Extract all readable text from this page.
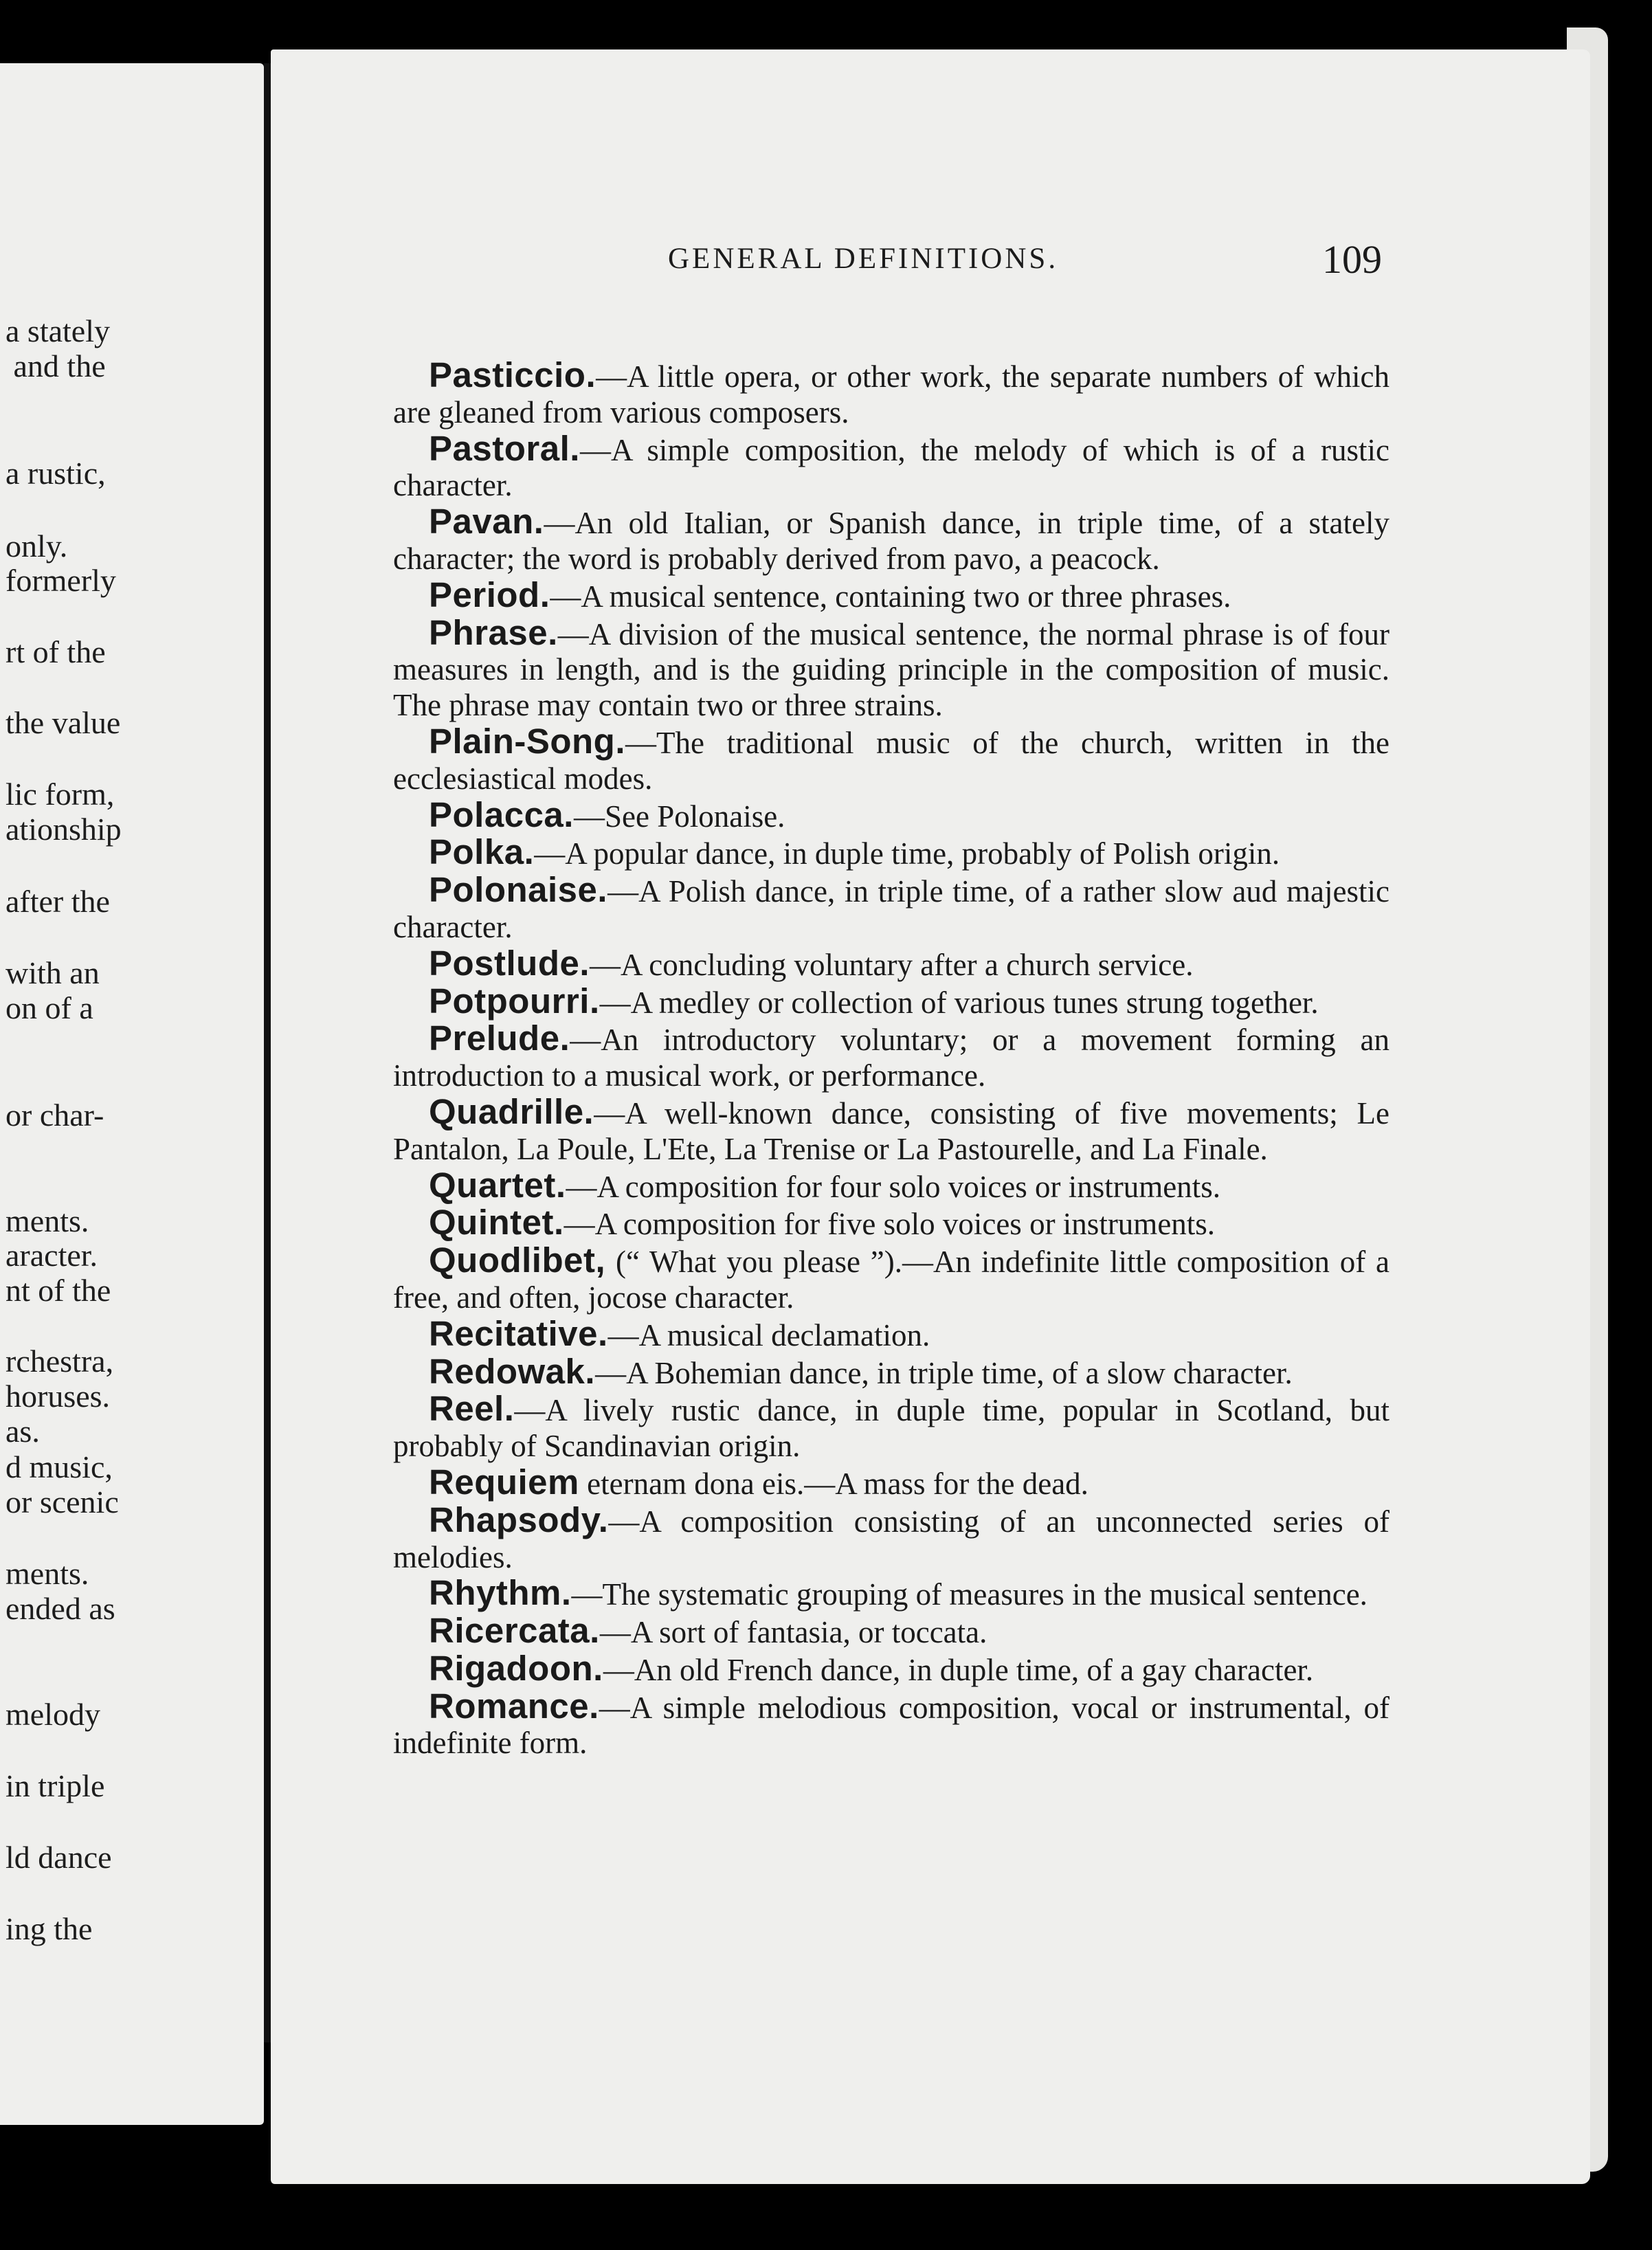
a stately
and the
a rustic,
only.
formerly
rt of the
the value
lic form,
ationship
after the
with an
on of a
or char-
ments.
aracter.
nt of the
rchestra,
horuses.
as.
d music,
or scenic
ments.
ended as
melody
in triple
ld dance
ing the
GENERAL DEFINITIONS.	109

Pasticcio.—A little opera, or other work, the separate numbers of which are gleaned from various composers.

Pastoral.—A simple composition, the melody of which is of a rustic character.

Pavan.—An old Italian, or Spanish dance, in triple time, of a stately character; the word is probably derived from pavo, a peacock.

Period.—A musical sentence, containing two or three phrases.

Phrase.—A division of the musical sentence, the normal phrase is of four measures in length, and is the guiding principle in the composition of music. The phrase may contain two or three strains.

Plain-Song.—The traditional music of the church, written in the ecclesiastical modes.

Polacca.—See Polonaise.

Polka.—A popular dance, in duple time, probably of Polish origin.

Polonaise.—A Polish dance, in triple time, of a rather slow aud majestic character.

Postlude.—A concluding voluntary after a church service.

Potpourri.—A medley or collection of various tunes strung together.

Prelude.—An introductory voluntary; or a movement forming an introduction to a musical work, or performance.

Quadrille.—A well-known dance, consisting of five movements; Le Pantalon, La Poule, L'Ete, La Trenise or La Pastourelle, and La Finale.

Quartet.—A composition for four solo voices or instruments.

Quintet.—A composition for five solo voices or instruments.

Quodlibet, (“ What you please ”).—An indefinite little composition of a free, and often, jocose character.

Recitative.—A musical declamation.

Redowak.—A Bohemian dance, in triple time, of a slow character.

Reel.—A lively rustic dance, in duple time, popular in Scotland, but probably of Scandinavian origin.

Requiem eternam dona eis.—A mass for the dead.

Rhapsody.—A composition consisting of an unconnected series of melodies.

Rhythm.—The systematic grouping of measures in the musical sentence.

Ricercata.—A sort of fantasia, or toccata.

Rigadoon.—An old French dance, in duple time, of a gay character.

Romance.—A simple melodious composition, vocal or instrumental, of indefinite form.
